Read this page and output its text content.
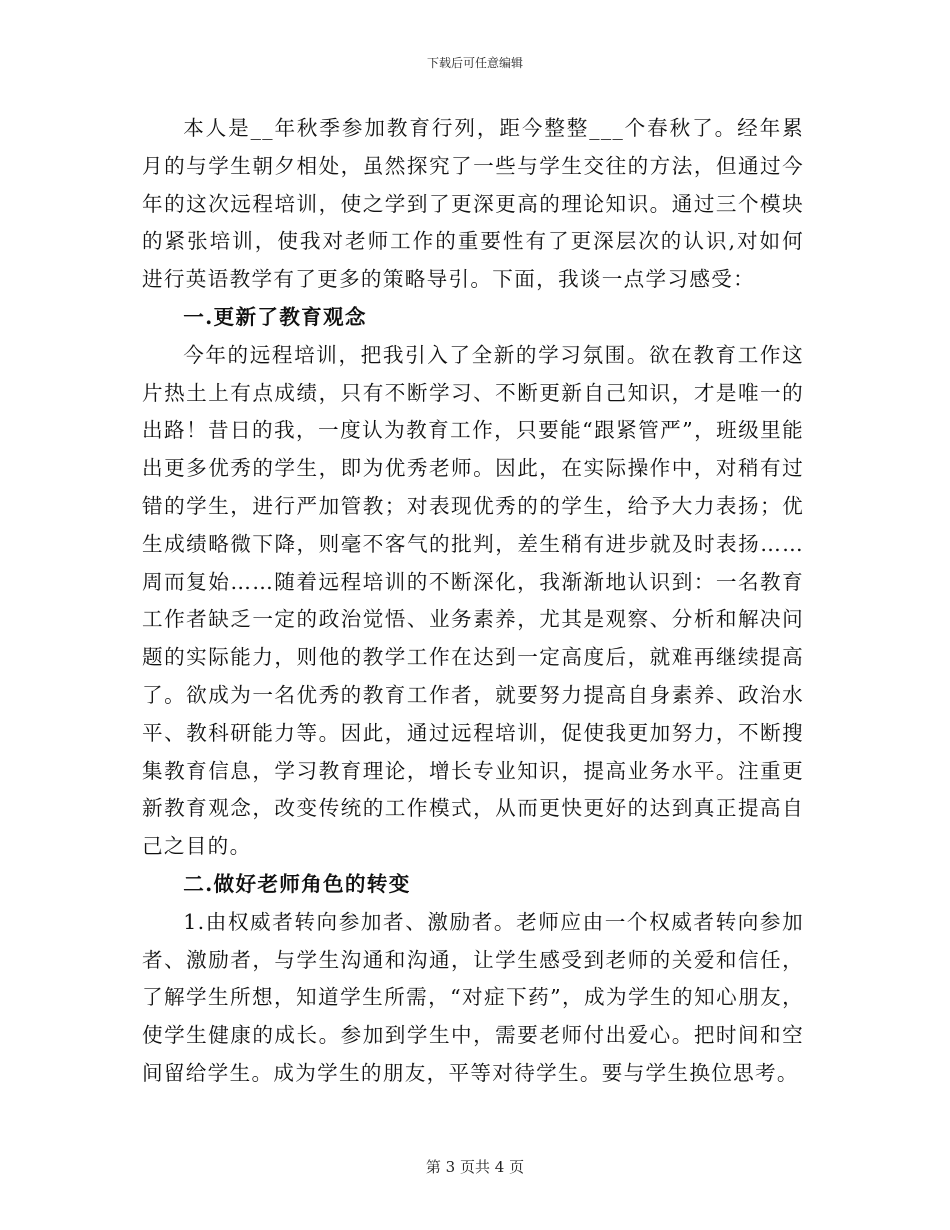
下载后可任意编辑

本人是__年秋季参加教育行列，距今整整___个春秋了。经年累月的与学生朝夕相处，虽然探究了一些与学生交往的方法，但通过今年的这次远程培训，使之学到了更深更高的理论知识。通过三个模块的紧张培训，使我对老师工作的重要性有了更深层次的认识,对如何进行英语教学有了更多的策略导引。下面，我谈一点学习感受：

一.更新了教育观念

今年的远程培训，把我引入了全新的学习氛围。欲在教育工作这片热土上有点成绩，只有不断学习、不断更新自己知识，才是唯一的出路！昔日的我，一度认为教育工作，只要能“跟紧管严”，班级里能出更多优秀的学生，即为优秀老师。因此，在实际操作中，对稍有过错的学生，进行严加管教；对表现优秀的的学生，给予大力表扬；优生成绩略微下降，则毫不客气的批判，差生稍有进步就及时表扬……周而复始……随着远程培训的不断深化，我渐渐地认识到：一名教育工作者缺乏一定的政治觉悟、业务素养，尤其是观察、分析和解决问题的实际能力，则他的教学工作在达到一定高度后，就难再继续提高了。欲成为一名优秀的教育工作者，就要努力提高自身素养、政治水平、教科研能力等。因此，通过远程培训，促使我更加努力，不断搜集教育信息，学习教育理论，增长专业知识，提高业务水平。注重更新教育观念，改变传统的工作模式，从而更快更好的达到真正提高自己之目的。

二.做好老师角色的转变

1.由权威者转向参加者、激励者。老师应由一个权威者转向参加者、激励者，与学生沟通和沟通，让学生感受到老师的关爱和信任，了解学生所想，知道学生所需，“对症下药”，成为学生的知心朋友，使学生健康的成长。参加到学生中，需要老师付出爱心。把时间和空间留给学生。成为学生的朋友，平等对待学生。要与学生换位思考。

第 3 页共 4 页
